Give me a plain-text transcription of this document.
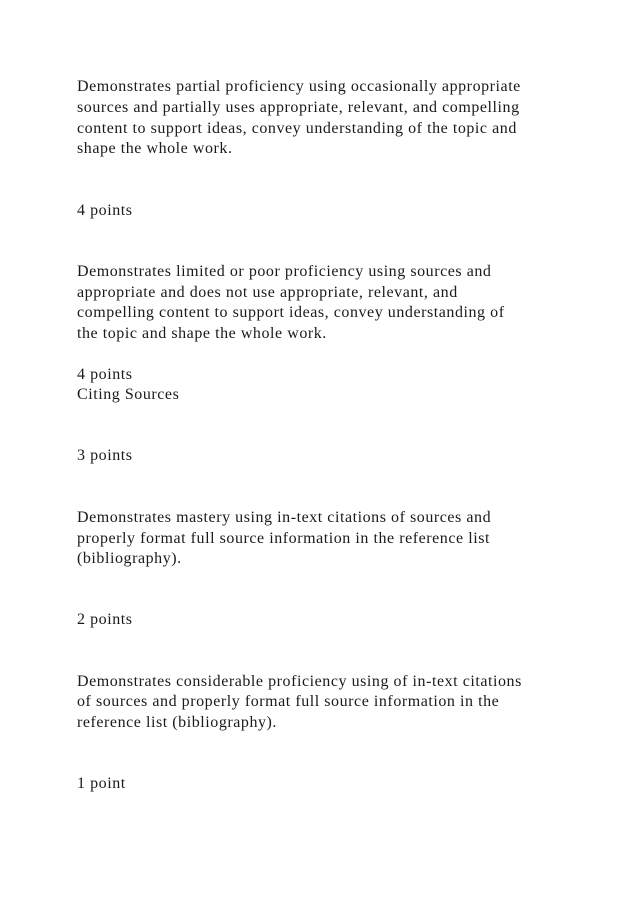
Demonstrates partial proficiency using occasionally appropriate
sources and partially uses appropriate, relevant, and compelling
content to support ideas, convey understanding of the topic and
shape the whole work.
4 points
Demonstrates limited or poor proficiency using sources and
appropriate and does not use appropriate, relevant, and
compelling content to support ideas, convey understanding of
the topic and shape the whole work.
4 points
Citing Sources
3 points
Demonstrates mastery using in-text citations of sources and
properly format full source information in the reference list
(bibliography).
2 points
Demonstrates considerable proficiency using of in-text citations
of sources and properly format full source information in the
reference list (bibliography).
1 point
